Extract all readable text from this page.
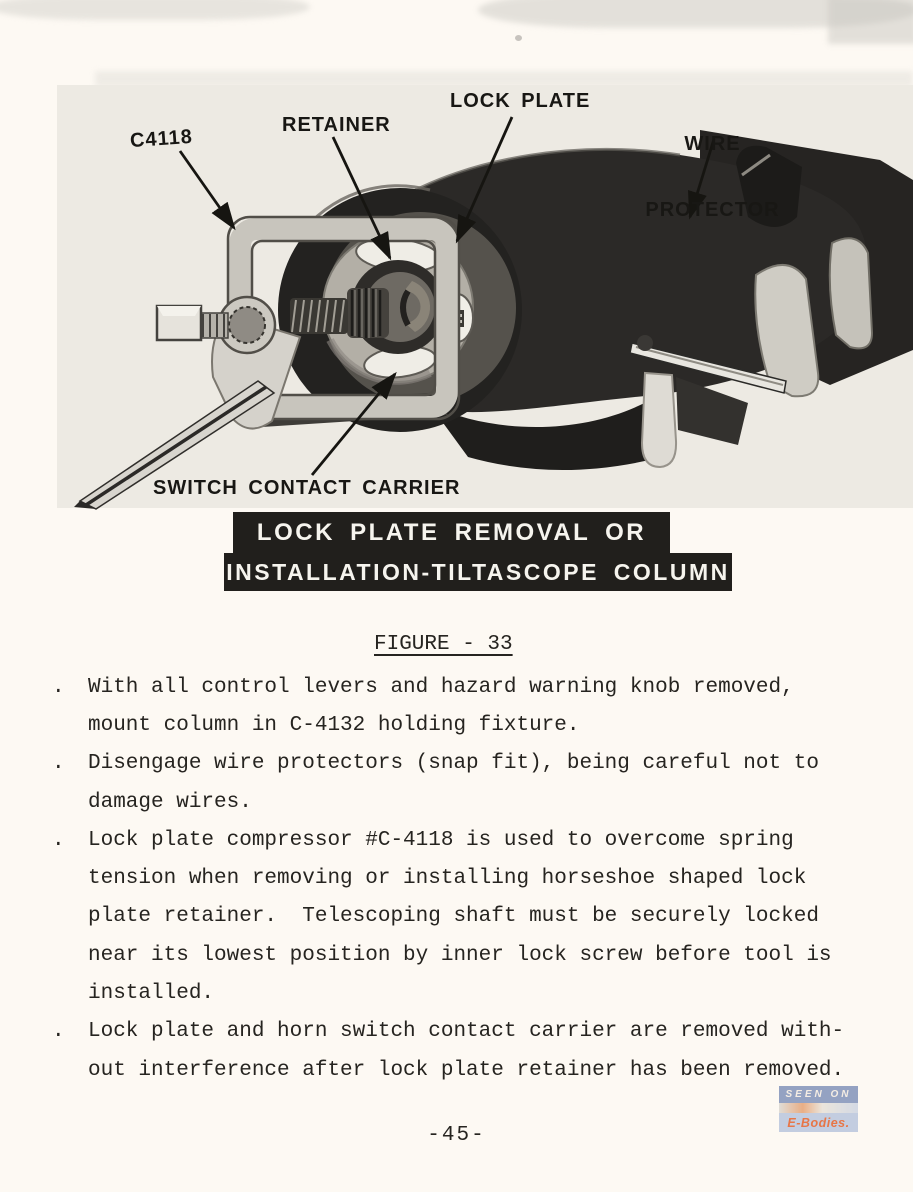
C4118
RETAINER
LOCK PLATE

WIRE

PROTECTOR

SWITCH CONTACT CARRIER
LOCK PLATE REMOVAL OR
INSTALLATION-TILTASCOPE COLUMN
FIGURE - 33
.	With all control levers and hazard warning knob removed,
mount column in C-4132 holding fixture.
.	Disengage wire protectors (snap fit), being careful not to
damage wires.
.	Lock plate compressor #C-4118 is used to overcome spring
tension when removing or installing horseshoe shaped lock
plate retainer.  Telescoping shaft must be securely locked
near its lowest position by inner lock screw before tool is
installed.
.	Lock plate and horn switch contact carrier are removed with-
out interference after lock plate retainer has been removed.
-45-
SEEN ON
E-Bodies.
